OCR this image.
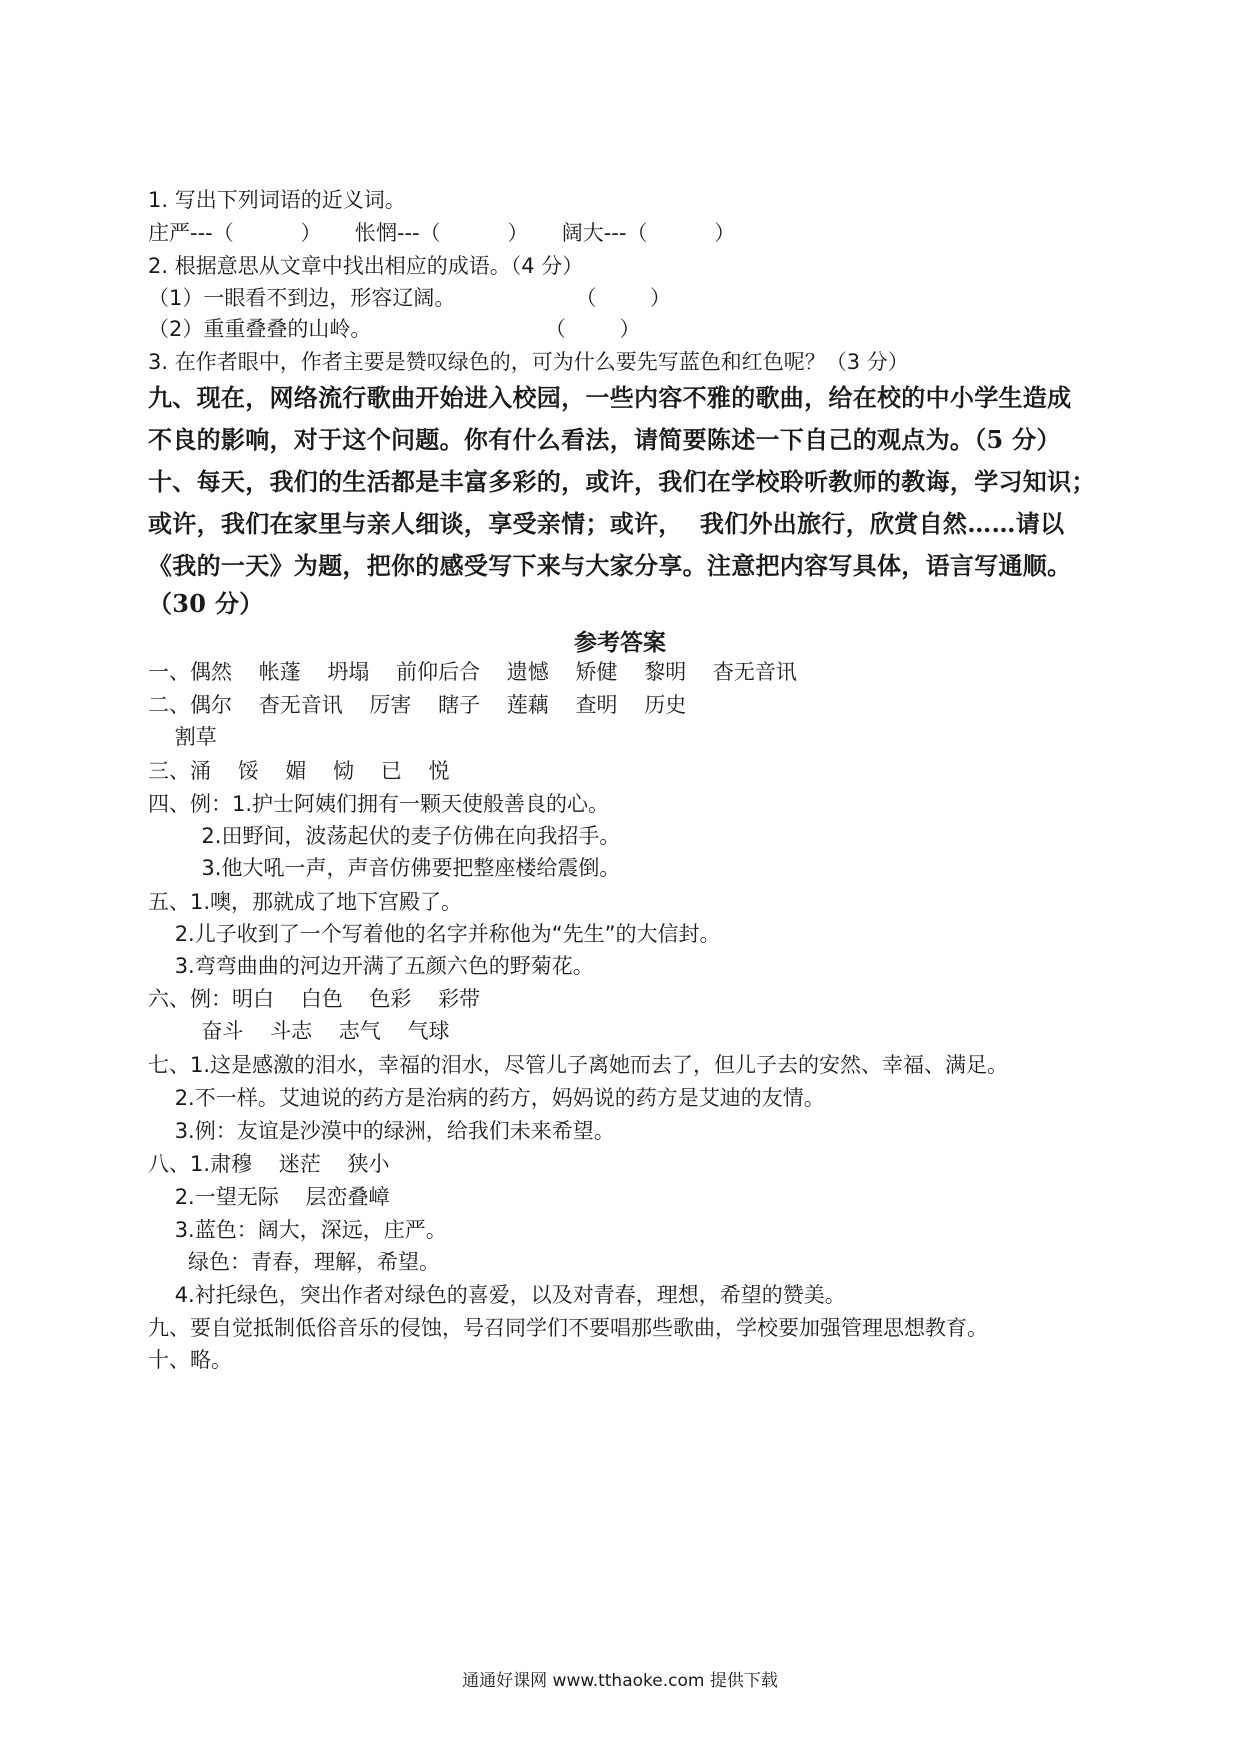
1. 写出下列词语的近义词。
庄严---（          ）     怅惘---（          ）     阔大---（          ）
2. 根据意思从文章中找出相应的成语。（4 分）
（1）一眼看不到边，形容辽阔。                  （        ）
（2）重重叠叠的山岭。                          （        ）
3. 在作者眼中，作者主要是赞叹绿色的，可为什么要先写蓝色和红色呢？（3 分）
九、现在，网络流行歌曲开始进入校园，一些内容不雅的歌曲，给在校的中小学生造成
不良的影响，对于这个问题。你有什么看法，请简要陈述一下自己的观点为。（5 分）
十、每天，我们的生活都是丰富多彩的，或许，我们在学校聆听教师的教诲，学习知识；
或许，我们在家里与亲人细谈，享受亲情；或许，  我们外出旅行，欣赏自然……请以
《我的一天》为题，把你的感受写下来与大家分享。注意把内容写具体，语言写通顺。
（30 分）
参考答案
一、偶然    帐蓬    坍塌    前仰后合    遗憾    矫健    黎明    杳无音讯
二、偶尔    杳无音讯    厉害    瞎子    莲藕    查明    历史
割草
三、涌    馁    媚    恸    已    悦
四、例：1.护士阿姨们拥有一颗天使般善良的心。
2.田野间，波荡起伏的麦子仿佛在向我招手。
3.他大吼一声，声音仿佛要把整座楼给震倒。
五、1.噢，那就成了地下宫殿了。
2.儿子收到了一个写着他的名字并称他为“先生”的大信封。
3.弯弯曲曲的河边开满了五颜六色的野菊花。
六、例：明白    白色    色彩    彩带
奋斗    斗志    志气    气球
七、1.这是感激的泪水，幸福的泪水，尽管儿子离她而去了，但儿子去的安然、幸福、满足。
2.不一样。艾迪说的药方是治病的药方，妈妈说的药方是艾迪的友情。
3.例：友谊是沙漠中的绿洲，给我们未来希望。
八、1.肃穆    迷茫    狭小
2.一望无际    层峦叠嶂
3.蓝色：阔大，深远，庄严。
绿色：青春，理解，希望。
4.衬托绿色，突出作者对绿色的喜爱，以及对青春，理想，希望的赞美。
九、要自觉抵制低俗音乐的侵蚀，号召同学们不要唱那些歌曲，学校要加强管理思想教育。
十、略。
通通好课网 www.tthaoke.com 提供下载
